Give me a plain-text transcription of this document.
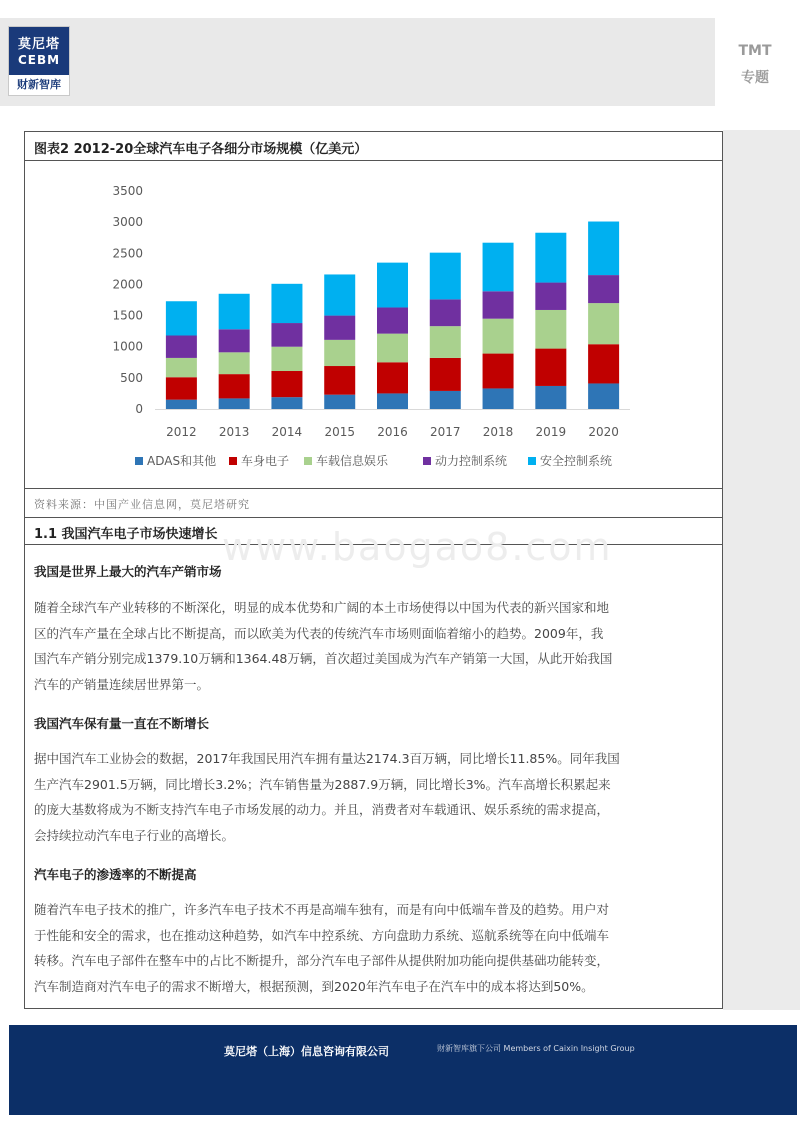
莫尼塔
CEBM
财新智库
TMT
专题
图表2 2012-20全球汽车电子各细分市场规模（亿美元）
0
500
1000
1500
2000
2500
3000
3500
2012 2013 2014 2015 2016 2017 2018 2019 2020
ADAS和其他 车身电子 车载信息娱乐	动力控制系统	安全控制系统
资料来源：中国产业信息网，莫尼塔研究
1.1 我国汽车电子市场快速增长
我国是世界上最大的汽车产销市场
随着全球汽车产业转移的不断深化，明显的成本优势和广阔的本土市场使得以中国为代表的新兴国家和地
区的汽车产量在全球占比不断提高，而以欧美为代表的传统汽车市场则面临着缩小的趋势。2009年，我
国汽车产销分别完成1379.10万辆和1364.48万辆，首次超过美国成为汽车产销第一大国，从此开始我国
汽车的产销量连续居世界第一。
我国汽车保有量一直在不断增长
据中国汽车工业协会的数据，2017年我国民用汽车拥有量达2174.3百万辆，同比增长11.85%。同年我国
生产汽车2901.5万辆，同比增长3.2%；汽车销售量为2887.9万辆，同比增长3%。汽车高增长积累起来
的庞大基数将成为不断支持汽车电子市场发展的动力。并且，消费者对车载通讯、娱乐系统的需求提高，
会持续拉动汽车电子行业的高增长。
汽车电子的渗透率的不断提高
随着汽车电子技术的推广，许多汽车电子技术不再是高端车独有，而是有向中低端车普及的趋势。用户对
于性能和安全的需求，也在推动这种趋势，如汽车中控系统、方向盘助力系统、巡航系统等在向中低端车
转移。汽车电子部件在整车中的占比不断提升，部分汽车电子部件从提供附加功能向提供基础功能转变，
汽车制造商对汽车电子的需求不断增大，根据预测，到2020年汽车电子在汽车中的成本将达到50%。
www.baogao8.com
莫尼塔（上海）信息咨询有限公司	财新智库旗下公司 Members of Caixin Insight Group
